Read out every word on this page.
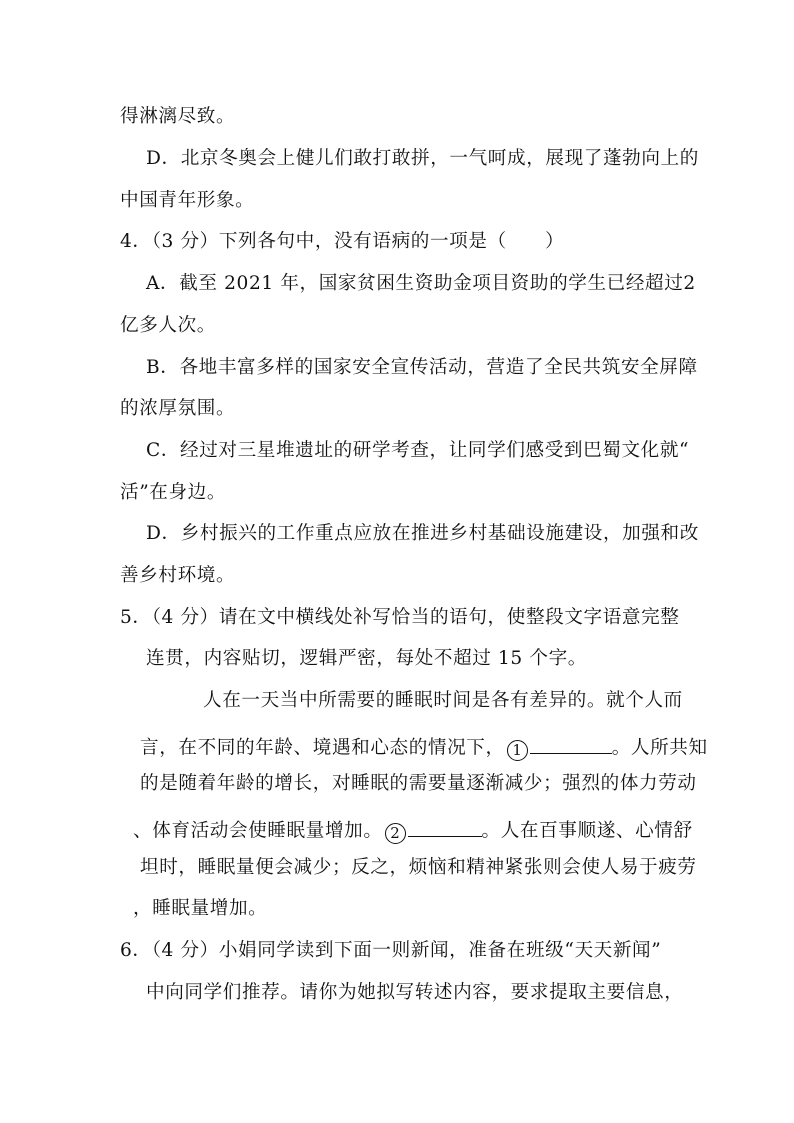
得淋漓尽致。
D．北京冬奥会上健儿们敢打敢拼，一气呵成，展现了蓬勃向上的
中国青年形象。
4．（3 分）下列各句中，没有语病的一项是（　　）
A．截至 2021 年，国家贫困生资助金项目资助的学生已经超过2
亿多人次。
B．各地丰富多样的国家安全宣传活动，营造了全民共筑安全屏障
的浓厚氛围。
C．经过对三星堆遗址的研学考查，让同学们感受到巴蜀文化就“
活”在身边。
D．乡村振兴的工作重点应放在推进乡村基础设施建设，加强和改
善乡村环境。
5．（4 分）请在文中横线处补写恰当的语句，使整段文字语意完整
连贯，内容贴切，逻辑严密，每处不超过 15 个字。
人在一天当中所需要的睡眠时间是各有差异的。就个人而
言，在不同的年龄、境遇和心态的情况下， 1	。人所共知
的是随着年龄的增长，对睡眠的需要量逐渐减少；强烈的体力劳动
、体育活动会使睡眠量增加。 2	。人在百事顺遂、心情舒
坦时，睡眠量便会减少；反之，烦恼和精神紧张则会使人易于疲劳
，睡眠量增加。
6．（4 分）小娟同学读到下面一则新闻，准备在班级“天天新闻”
中向同学们推荐。请你为她拟写转述内容，要求提取主要信息，
